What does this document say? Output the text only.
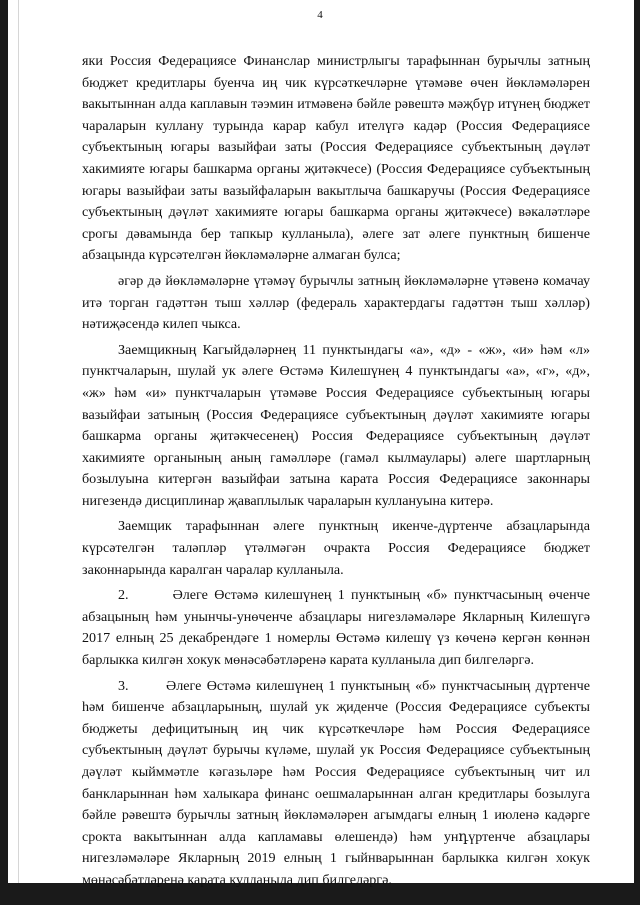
4

яки Россия Федерациясе Финанслар министрлыгы тарафыннан бурычлы затның бюджет кредитлары буенча иң чик күрсәткечләрне үтәмәве өчен йөкләмәләрен вакытыннан алда каплавын тәэмин итмәвенә бәйле рәвештә мәҗбүр итүнең бюджет чараларын куллану турында карар кабул ителүгә кадәр (Россия Федерациясе субъектының югары вазыйфаи заты (Россия Федерациясе субъектының дәүләт хакимияте югары башкарма органы җитәкчесе) (Россия Федерациясе субъектының югары вазыйфаи заты вазыйфаларын вакытлыча башкаручы (Россия Федерациясе субъектының дәүләт хакимияте югары башкарма органы җитәкчесе) вәкаләтләре срогы дәвамында бер тапкыр кулланыла), әлеге зат әлеге пунктның бишенче абзацында күрсәтелгән йөкләмәләрне алмаган булса;

әгәр дә йөкләмәләрне үтәмәү бурычлы затның йөкләмәләрне үтәвенә комачау итә торган гадәттән тыш хәлләр (федераль характердагы гадәттән тыш хәлләр) нәтиҗәсендә килеп чыкса.

Заемщикның Кагыйдәләрнең 11 пунктындагы «а», «д» - «ж», «и» һәм «л» пунктчаларын, шулай ук әлеге Өстәмә Килешүнең 4 пунктындагы «а», «г», «д», «ж» һәм «и» пунктчаларын үтәмәве Россия Федерациясе субъектының югары вазыйфаи затының (Россия Федерациясе субъектының дәүләт хакимияте югары башкарма органы җитәкчесенең) Россия Федерациясе субъектының дәүләт хакимияте органының аның гамәлләре (гамәл кылмаулары) әлеге шартларның бозылуына китергән вазыйфаи затына карата Россия Федерациясе законнары нигезендә дисциплинар җаваплылык чараларын куллануына китерә.

Заемщик тарафыннан әлеге пунктның икенче-дүртенче абзацларында күрсәтелгән таләпләр үтәлмәгән очракта Россия Федерациясе бюджет законнарында каралган чаралар кулланыла.

2.       Әлеге Өстәмә килешүнең 1 пунктының «б» пунктчасының өченче абзацының һәм унынчы-унөченче абзацлары нигезләмәләре Якларның Килешүгә 2017 елның 25 декабрендәге 1 номерлы Өстәмә килешү үз көченә кергән көннән барлыкка килгән хокук мөнәсәбәтләренә карата кулланыла дип билгеләргә.

3.       Әлеге Өстәмә килешүнең 1 пунктының «б» пунктчасының дүртенче һәм бишенче абзацларының, шулай ук җиденче (Россия Федерациясе субъекты бюджеты дефицитының иң чик күрсәткечләре һәм Россия Федерациясе субъектының дәүләт бурычы күләме, шулай ук Россия Федерациясе субъектының дәүләт кыйммәтле кәгазьләре һәм Россия Федерациясе субъектының чит ил банкларыннан һәм халыкара финанс оешмаларыннан алган кредитлары бозылуга бәйле рәвештә бурычлы затның йөкләмәләрен агымдагы елның 1 июленә кадәрге срокта вакытыннан алда капламавы өлешендә) һәм унդүртенче абзацлары нигезләмәләре Якларның 2019 елның 1 гыйнварыннан барлыкка килгән хокук мөнәсәбәтләренә карата кулланыла дип билгеләргә.
